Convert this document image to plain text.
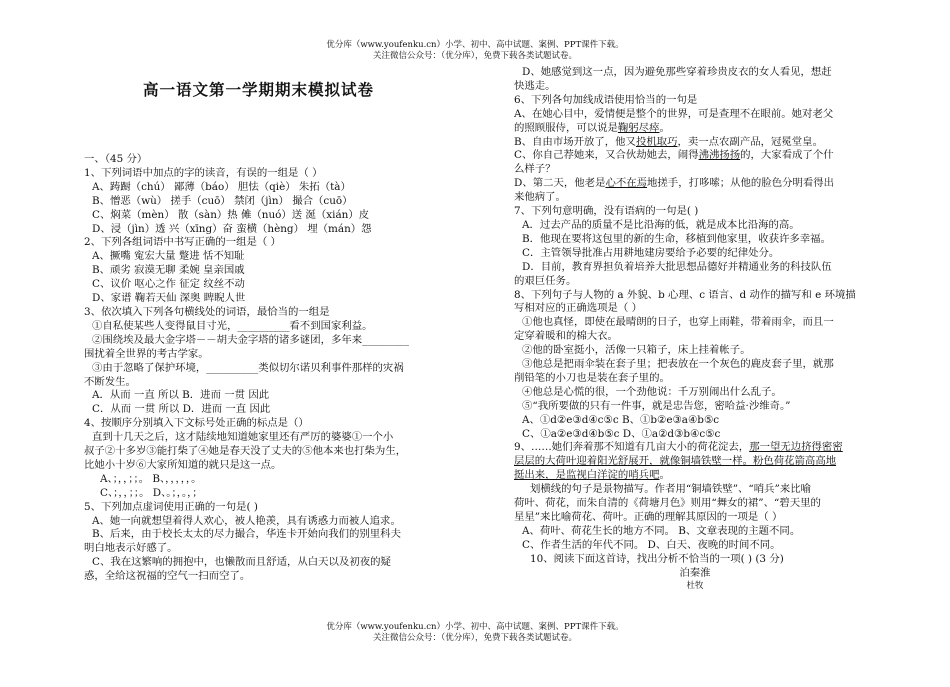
优分库（www.youfenku.cn）小学、初中、高中试题、案例、PPT课件下载。
关注微信公众号：（优分库），免费下载各类试题试卷。
高一语文第一学期期末模拟试卷

一、（45 分）

1、下列词语中加点的字的读音，有误的一组是（ ）

A、踌蹰（chú） 鄙薄（báo） 胆怯（qiè） 朱拓（tà）

B、憎恶（wù） 搓手（cuō） 禁闭（jìn） 撮合（cuō）

C、焖菜（mèn） 散（sàn）热 傩（nuó）送 涎（xián）皮

D、浸（jìn）透 兴（xīng）奋 蛮横（hèng） 埋（mán）怨

2、下列各组词语中书写正确的一组是（ ）

A、撅嘴 寃宏大量 蹩进 恬不知耻

B、顽劣 寂漠无聊 柔婉 皇亲国戚

C、议价 呕心之作 征定 纹丝不动

D、家谱 鞠若天仙 深奥 睥睨人世

3、依次填入下列各句横线处的词语，最恰当的一组是

①自私使某些人变得鼠目寸光，__________看不到国家利益。

②围绕埃及最大金字塔－－胡夫金字塔的诸多谜团，多年来_________

围扰着全世界的考古学家。

③由于忽略了保护环境，__________类似切尔诺贝利事件那样的灾祸

不断发生。

A．从而 一直 所以 B．进而 一贯 因此

C．从而 一贯 所以 D．进而 一直 因此

4、按顺序分别填入下文标号处正确的标点是（）

直到十几天之后，这才陆续地知道她家里还有严厉的婆婆①一个小

叔子②十多岁③能打柴了④她是春天没了丈夫的⑤他本来也打柴为生，

比她小十岁⑥大家所知道的就只是这一点。

A、；，，；；。 B、，，，，，。

C、；，，；；。 D、。；，。，；

5、下列加点虚词使用正确的一句是( )

A、她一向就想望着得人欢心，被人艳羡，具有诱惑力而被人追求。

B、后来，由于校长太太的尽力撮合，华连卡开始向我们的别里科夫

明白地表示好感了。

C、我在这繁响的拥抱中，也懒散而且舒适，从白天以及初夜的疑

惑，全给这祝福的空气一扫而空了。

D、她感觉到这一点，因为避免那些穿着珍贵皮衣的女人看见，想赶

快逃走。

6、下列各句加线成语使用恰当的一句是

A、在她心目中，爱情便是整个的世界，可是查理不在眼前。她对老父

的照顾服侍，可以说是鞠躬尽瘁。

B、自由市场开放了，他又投机取巧，卖一点农副产品，冠冕堂皇。

C、你自己荐她来，又合伙劫她去，闹得沸沸扬扬的，大家看成了个什

么样子？

D、第二天，他老是心不在焉地搓手，打哆嗦；从他的脸色分明看得出

来他病了。

7、下列句意明确，没有语病的一句是( )

A．过去产品的质量不是比沿海的低，就是成本比沿海的高。

B．他现在要将这包里的新的生命，移植到他家里，收获许多幸福。

C．主管领导批准占用耕地建房要给予必要的纪律处分。

D．目前，教育界担负着培养大批思想品德好并精通业务的科技队伍

的艰巨任务。

8、下列句子与人物的 a 外貌、b 心理、c 语言、d 动作的描写和 e 环境描

写相对应的正确选项是（ ）

①他也真怪，即使在最晴朗的日子，也穿上雨鞋，带着雨伞，而且一

定穿着暖和的棉大衣。

②他的卧室挺小，活像一只箱子，床上挂着帐子。

③他总是把雨伞装在套子里；把表放在一个灰色的鹿皮套子里，就那

削铅笔的小刀也是装在套子里的。

④他总是心慌的很，一个劲他说：千万别闹出什么乱子。

⑤“我所要做的只有一件事，就是忠告您，密哈益·沙维奇。”

A、①d②e③d④c⑤c B、①b②e③a④b⑤c

C、①a②e③d④b⑤c D、①a②d③b④c⑤c

9、……她们奔着那不知道有几亩大小的荷花淀去，那一望无边挤得密密

层层的大荷叶迎着阳光舒展开，就像铜墙铁壁一样。粉色荷花箭高高地

挺出来，是监视白洋淀的哨兵吧。

划横线的句子是景物描写。作者用“铜墙铁壁”、“哨兵”来比喻

荷叶、荷花，而朱自清的《荷塘月色》则用“舞女的裙”、“碧天里的

星星”来比喻荷花、荷叶。正确的理解其原因的一项是（ ）

A、荷叶、荷花生长的地方不同。 B、文章表现的主题不同。

C、作者生活的年代不同。 D、白天、夜晚的时间不同。

10、阅读下面这首诗，找出分析不恰当的一项( ) (3 分)

泊秦淮

杜牧

优分库（www.youfenku.cn）小学、初中、高中试题、案例、PPT课件下载。
关注微信公众号：（优分库），免费下载各类试题试卷。
